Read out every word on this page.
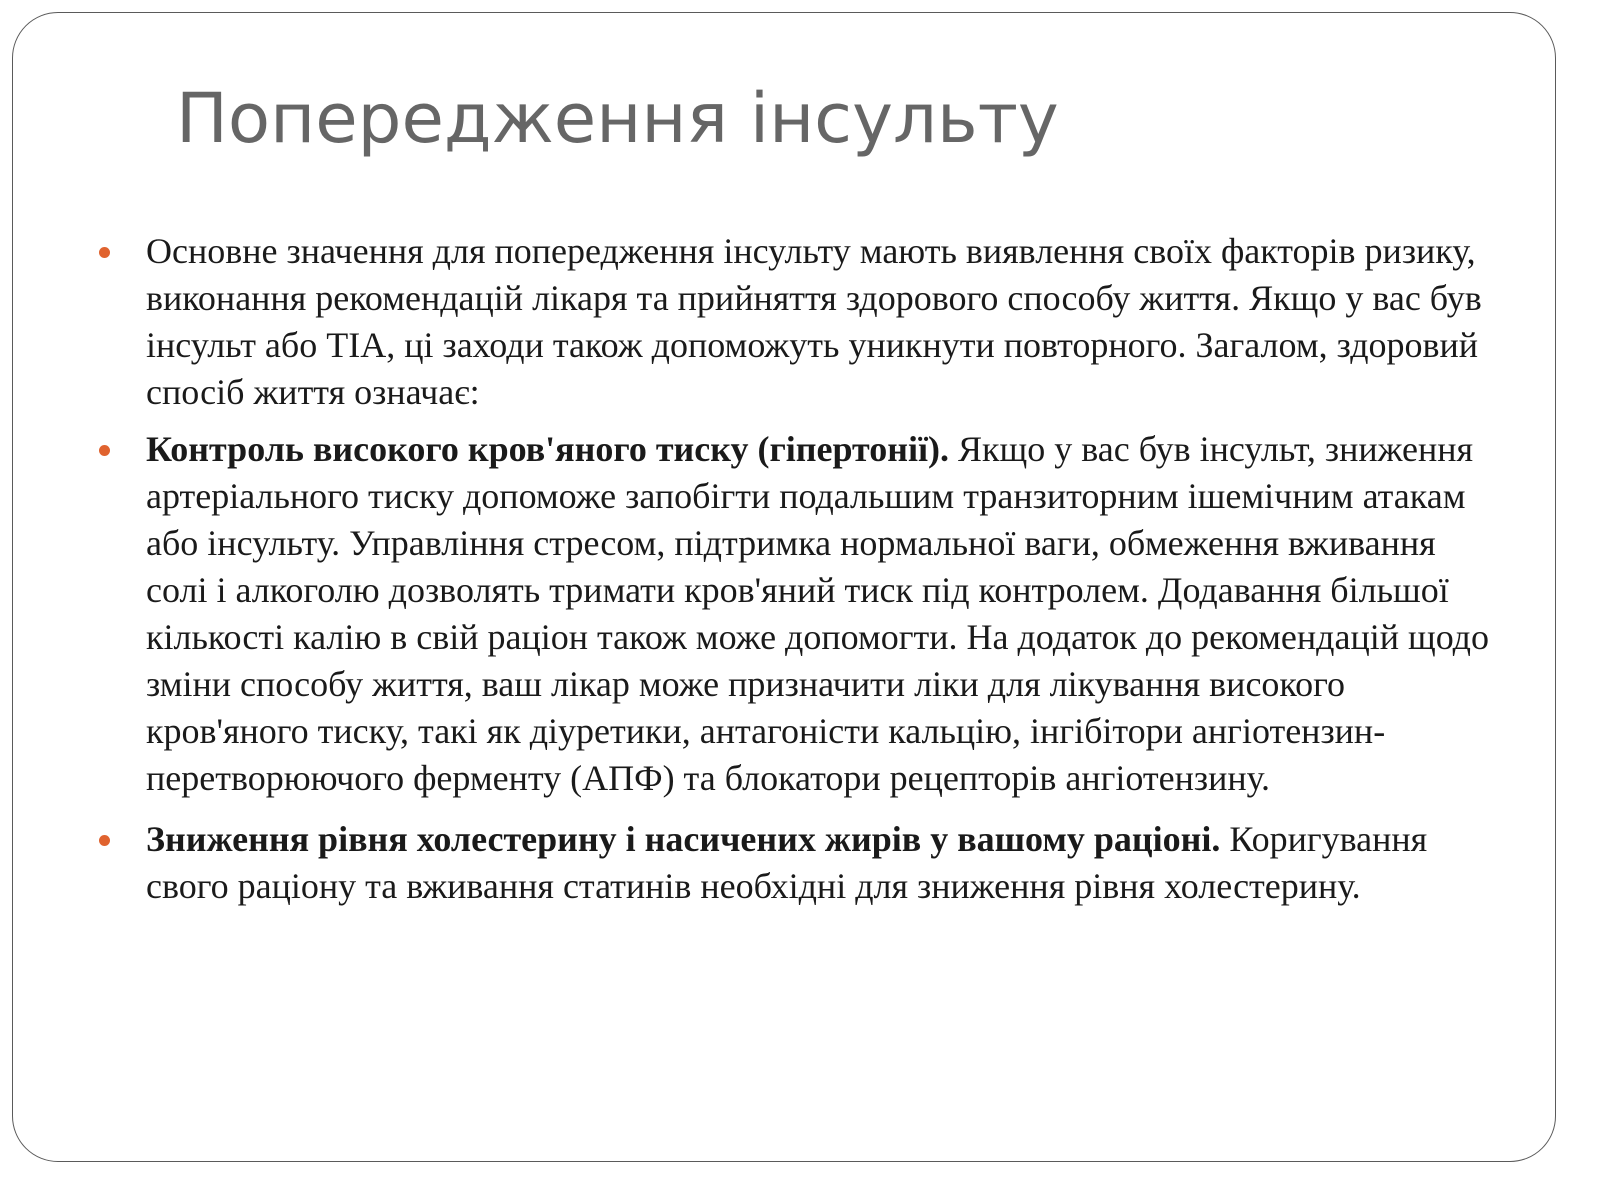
Попередження інсульту
Основне значення для попередження інсульту мають виявлення своїх факторів ризику, виконання рекомендацій лікаря та прийняття здорового способу життя. Якщо у вас був інсульт або ТІА, ці заходи також допоможуть уникнути повторного. Загалом, здоровий спосіб життя означає:
Контроль високого кров'яного тиску (гіпертонії). Якщо у вас був інсульт, зниження артеріального тиску допоможе запобігти подальшим транзиторним ішемічним атакам або інсульту. Управління стресом, підтримка нормальної ваги, обмеження вживання солі і алкоголю дозволять тримати кров'яний тиск під контролем. Додавання більшої кількості калію в свій раціон також може допомогти. На додаток до рекомендацій щодо зміни способу життя, ваш лікар може призначити ліки для лікування високого кров'яного тиску, такі як діуретики, антагоністи кальцію, інгібітори ангіотензин-перетворюючого ферменту (АПФ) та блокатори рецепторів ангіотензину.
Зниження рівня холестерину і насичених жирів у вашому раціоні. Коригування свого раціону та вживання статинів необхідні для зниження рівня холестерину.
